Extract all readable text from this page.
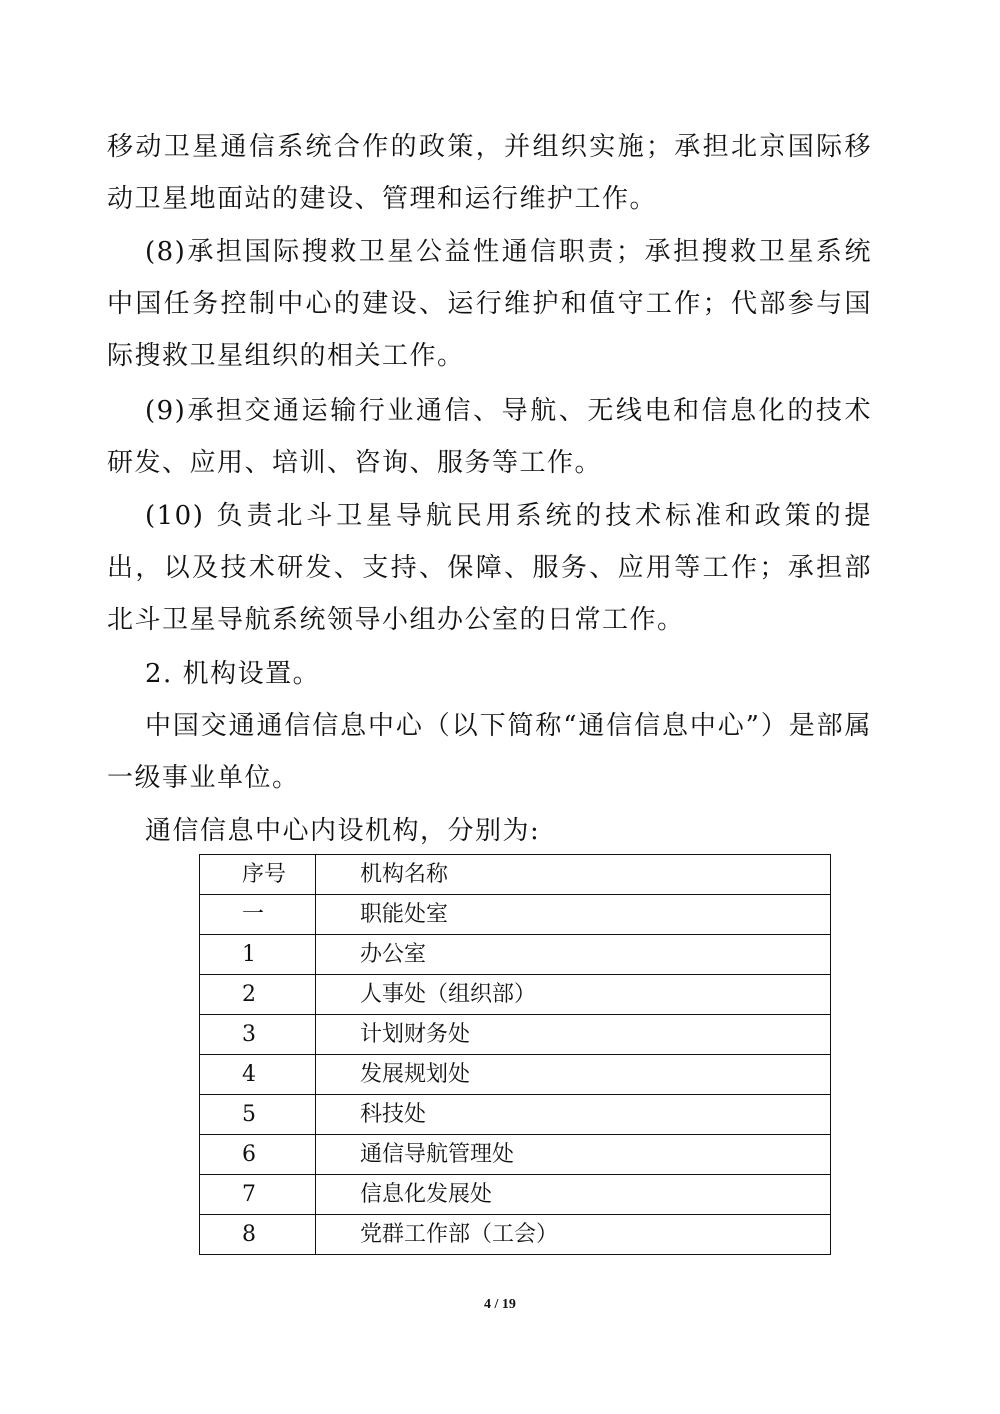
移动卫星通信系统合作的政策，并组织实施；承担北京国际移动卫星地面站的建设、管理和运行维护工作。

(8)承担国际搜救卫星公益性通信职责；承担搜救卫星系统中国任务控制中心的建设、运行维护和值守工作；代部参与国际搜救卫星组织的相关工作。

(9)承担交通运输行业通信、导航、无线电和信息化的技术研发、应用、培训、咨询、服务等工作。

(10) 负责北斗卫星导航民用系统的技术标准和政策的提出，以及技术研发、支持、保障、服务、应用等工作；承担部北斗卫星导航系统领导小组办公室的日常工作。

2. 机构设置。

中国交通通信信息中心（以下简称“通信信息中心”）是部属一级事业单位。

通信信息中心内设机构，分别为:

序号	机构名称
一	职能处室
1	办公室
2	人事处（组织部）
3	计划财务处
4	发展规划处
5	科技处
6	通信导航管理处
7	信息化发展处
8	党群工作部（工会）
4 / 19
